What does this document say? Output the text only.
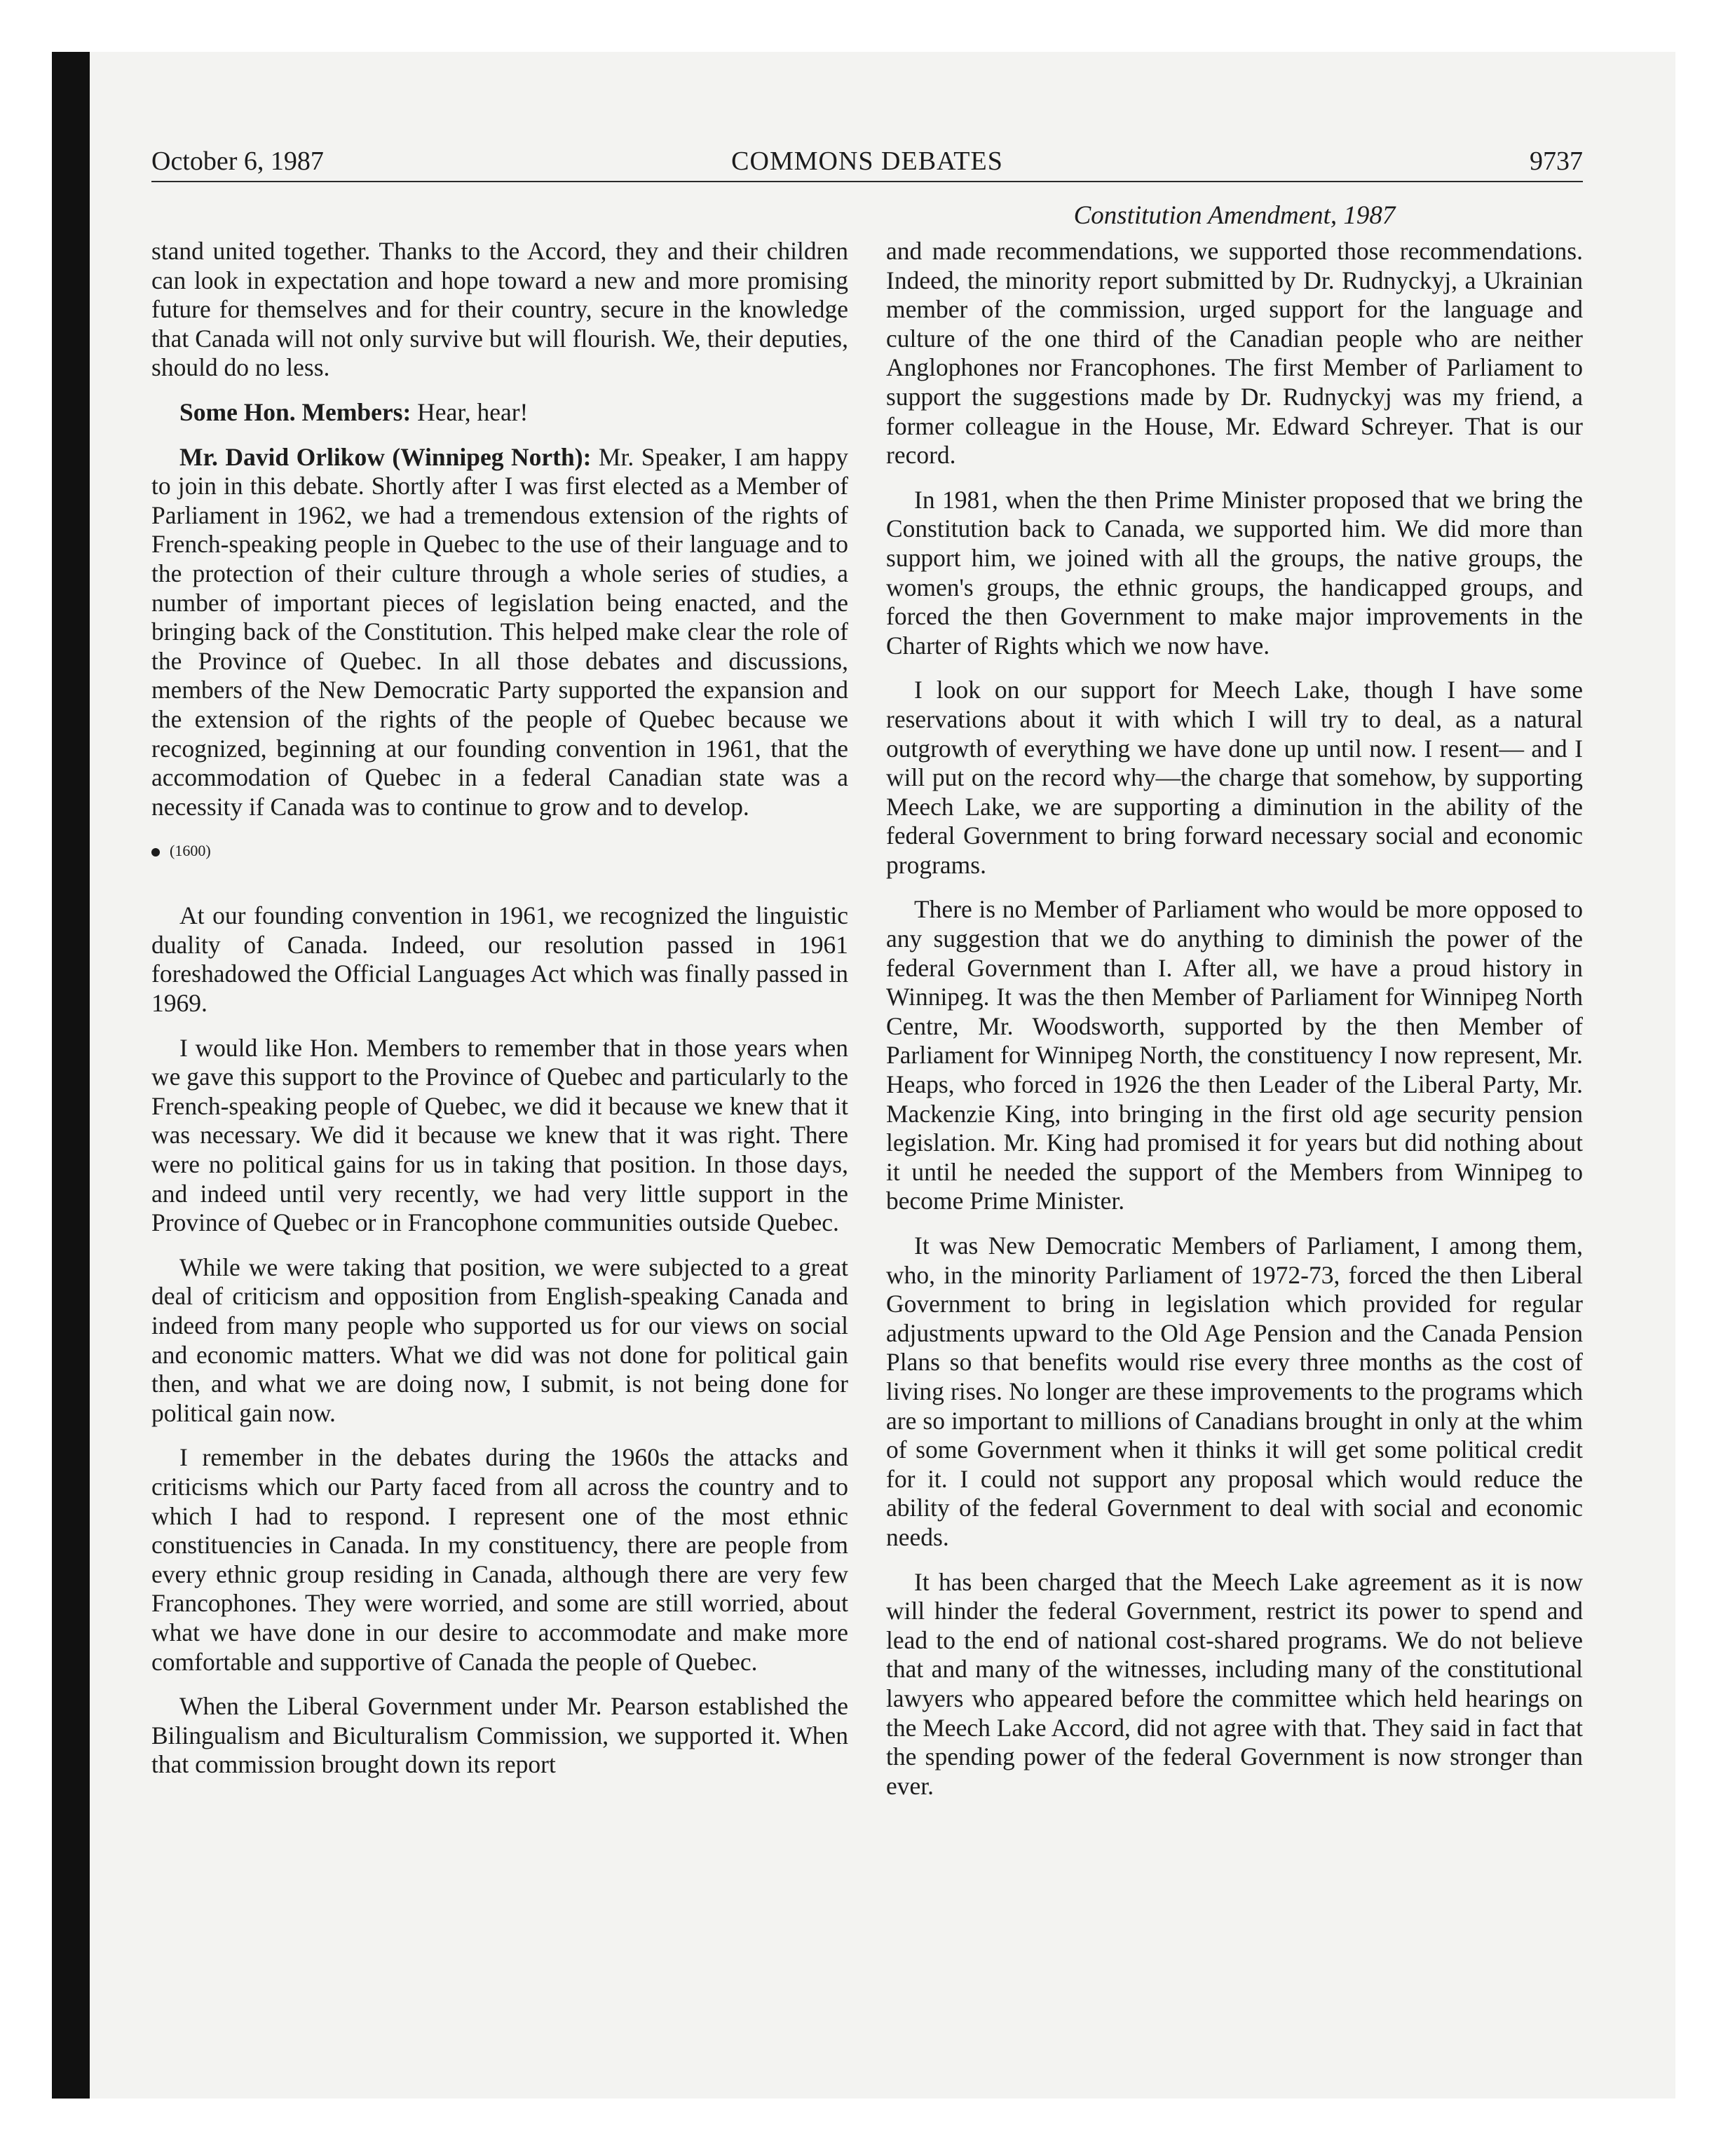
October 6, 1987	COMMONS DEBATES	9737
Constitution Amendment, 1987

stand united together. Thanks to the Accord, they and their children can look in expectation and hope toward a new and more promising future for themselves and for their country, secure in the knowledge that Canada will not only survive but will flourish. We, their deputies, should do no less.

Some Hon. Members: Hear, hear!

Mr. David Orlikow (Winnipeg North): Mr. Speaker, I am happy to join in this debate. Shortly after I was first elected as a Member of Parliament in 1962, we had a tremendous extension of the rights of French-speaking people in Quebec to the use of their language and to the protection of their culture through a whole series of studies, a number of important pieces of legislation being enacted, and the bringing back of the Constitution. This helped make clear the role of the Province of Quebec. In all those debates and discussions, members of the New Democratic Party supported the expansion and the extension of the rights of the people of Quebec because we recognized, beginning at our founding convention in 1961, that the accommodation of Quebec in a federal Canadian state was a necessity if Canada was to continue to grow and to develop.

(1600)

At our founding convention in 1961, we recognized the linguistic duality of Canada. Indeed, our resolution passed in 1961 foreshadowed the Official Languages Act which was finally passed in 1969.

I would like Hon. Members to remember that in those years when we gave this support to the Province of Quebec and particularly to the French-speaking people of Quebec, we did it because we knew that it was necessary. We did it because we knew that it was right. There were no political gains for us in taking that position. In those days, and indeed until very recently, we had very little support in the Province of Quebec or in Francophone communities outside Quebec.

While we were taking that position, we were subjected to a great deal of criticism and opposition from English-speaking Canada and indeed from many people who supported us for our views on social and economic matters. What we did was not done for political gain then, and what we are doing now, I submit, is not being done for political gain now.

I remember in the debates during the 1960s the attacks and criticisms which our Party faced from all across the country and to which I had to respond. I represent one of the most ethnic constituencies in Canada. In my constituency, there are people from every ethnic group residing in Canada, although there are very few Francophones. They were worried, and some are still worried, about what we have done in our desire to accommodate and make more comfortable and supportive of Canada the people of Quebec.

When the Liberal Government under Mr. Pearson established the Bilingualism and Biculturalism Commission, we supported it. When that commission brought down its report

and made recommendations, we supported those recommendations. Indeed, the minority report submitted by Dr. Rudnyckyj, a Ukrainian member of the commission, urged support for the language and culture of the one third of the Canadian people who are neither Anglophones nor Francophones. The first Member of Parliament to support the suggestions made by Dr. Rudnyckyj was my friend, a former colleague in the House, Mr. Edward Schreyer. That is our record.

In 1981, when the then Prime Minister proposed that we bring the Constitution back to Canada, we supported him. We did more than support him, we joined with all the groups, the native groups, the women's groups, the ethnic groups, the handicapped groups, and forced the then Government to make major improvements in the Charter of Rights which we now have.

I look on our support for Meech Lake, though I have some reservations about it with which I will try to deal, as a natural outgrowth of everything we have done up until now. I resent— and I will put on the record why—the charge that somehow, by supporting Meech Lake, we are supporting a diminution in the ability of the federal Government to bring forward necessary social and economic programs.

There is no Member of Parliament who would be more opposed to any suggestion that we do anything to diminish the power of the federal Government than I. After all, we have a proud history in Winnipeg. It was the then Member of Parliament for Winnipeg North Centre, Mr. Woodsworth, supported by the then Member of Parliament for Winnipeg North, the constituency I now represent, Mr. Heaps, who forced in 1926 the then Leader of the Liberal Party, Mr. Mackenzie King, into bringing in the first old age security pension legislation. Mr. King had promised it for years but did nothing about it until he needed the support of the Members from Winnipeg to become Prime Minister.

It was New Democratic Members of Parliament, I among them, who, in the minority Parliament of 1972-73, forced the then Liberal Government to bring in legislation which provided for regular adjustments upward to the Old Age Pension and the Canada Pension Plans so that benefits would rise every three months as the cost of living rises. No longer are these improvements to the programs which are so important to millions of Canadians brought in only at the whim of some Government when it thinks it will get some political credit for it. I could not support any proposal which would reduce the ability of the federal Government to deal with social and economic needs.

It has been charged that the Meech Lake agreement as it is now will hinder the federal Government, restrict its power to spend and lead to the end of national cost-shared programs. We do not believe that and many of the witnesses, including many of the constitutional lawyers who appeared before the committee which held hearings on the Meech Lake Accord, did not agree with that. They said in fact that the spending power of the federal Government is now stronger than ever.
